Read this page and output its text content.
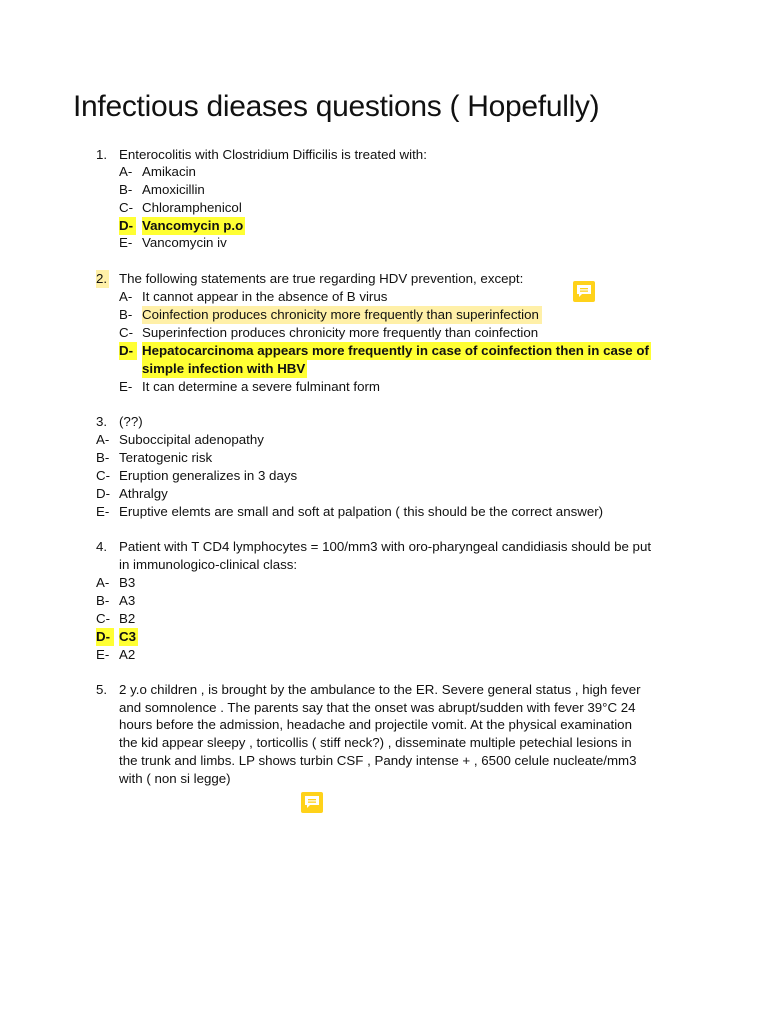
Infectious dieases questions ( Hopefully)
1. Enterocolitis with Clostridium Difficilis is treated with:
A- Amikacin
B- Amoxicillin
C- Chloramphenicol
D- Vancomycin p.o
E- Vancomycin iv
2. The following statements are true regarding HDV prevention, except:
A- It cannot appear in the absence of B virus
B- Coinfection produces chronicity more frequently than superinfection
C- Superinfection produces chronicity more frequently than coinfection
D- Hepatocarcinoma appears more frequently in case of coinfection then in case of
simple infection with HBV
E- It can determine a severe fulminant form
3. (??)
A- Suboccipital adenopathy
B- Teratogenic risk
C- Eruption generalizes in 3 days
D- Athralgy
E- Eruptive elemts are small and soft at palpation ( this should be the correct answer)
4. Patient with T CD4 lymphocytes = 100/mm3 with oro-pharyngeal candidiasis should be put
in immunologico-clinical class:
A- B3
B- A3
C- B2
D- C3
E- A2
5. 2 y.o children , is brought by the ambulance to the ER. Severe general status , high fever
and somnolence . The parents say that the onset was abrupt/sudden with fever 39°C 24
hours before the admission, headache and projectile vomit. At the physical examination
the kid appear sleepy , torticollis ( stiff neck?) , disseminate multiple petechial lesions in
the trunk and limbs. LP shows turbin CSF , Pandy intense + , 6500 celule nucleate/mm3
with ( non si legge)
